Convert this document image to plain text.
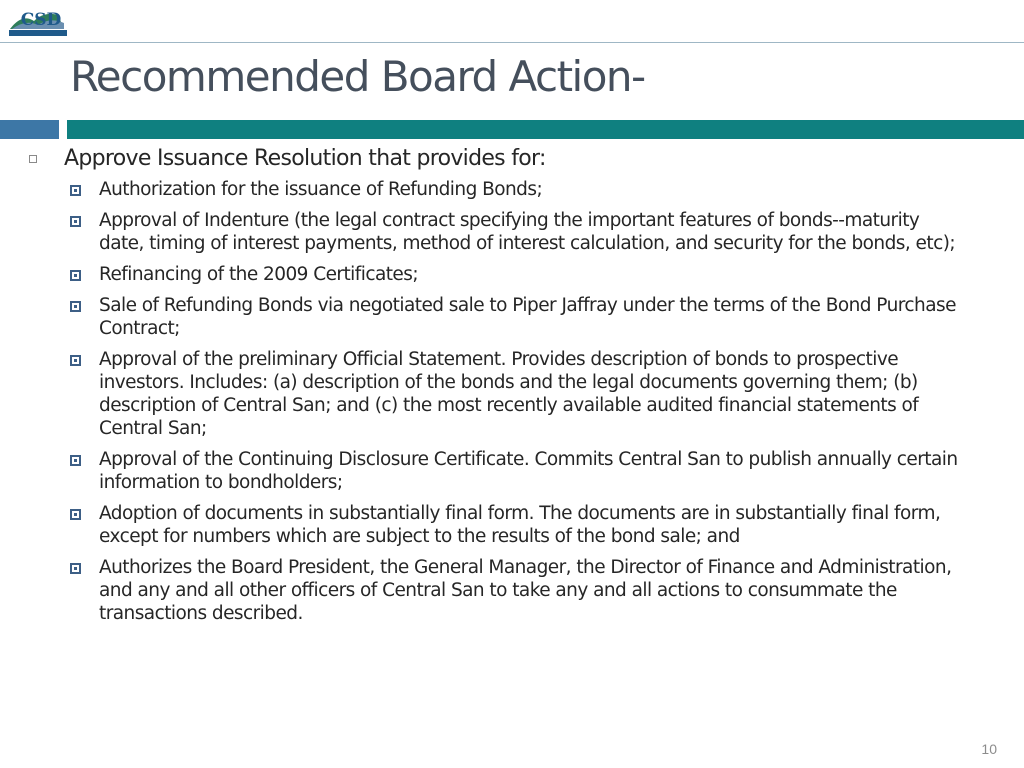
CSD
Recommended Board Action-
Approve Issuance Resolution that provides for:
Authorization for the issuance of Refunding Bonds;
Approval of Indenture (the legal contract specifying the important features of bonds--maturity date, timing of interest payments, method of interest calculation, and security for the bonds, etc);
Refinancing of the 2009 Certificates;
Sale of Refunding Bonds via negotiated sale to Piper Jaffray under the terms of the Bond Purchase Contract;
Approval of the preliminary Official Statement. Provides description of bonds to prospective investors. Includes: (a) description of the bonds and the legal documents governing them; (b) description of Central San; and (c) the most recently available audited financial statements of Central San;
Approval of the Continuing Disclosure Certificate. Commits Central San to publish annually certain information to bondholders;
Adoption of documents in substantially final form. The documents are in substantially final form, except for numbers which are subject to the results of the bond sale; and
Authorizes the Board President, the General Manager, the Director of Finance and Administration, and any and all other officers of Central San to take any and all actions to consummate the transactions described.
10
